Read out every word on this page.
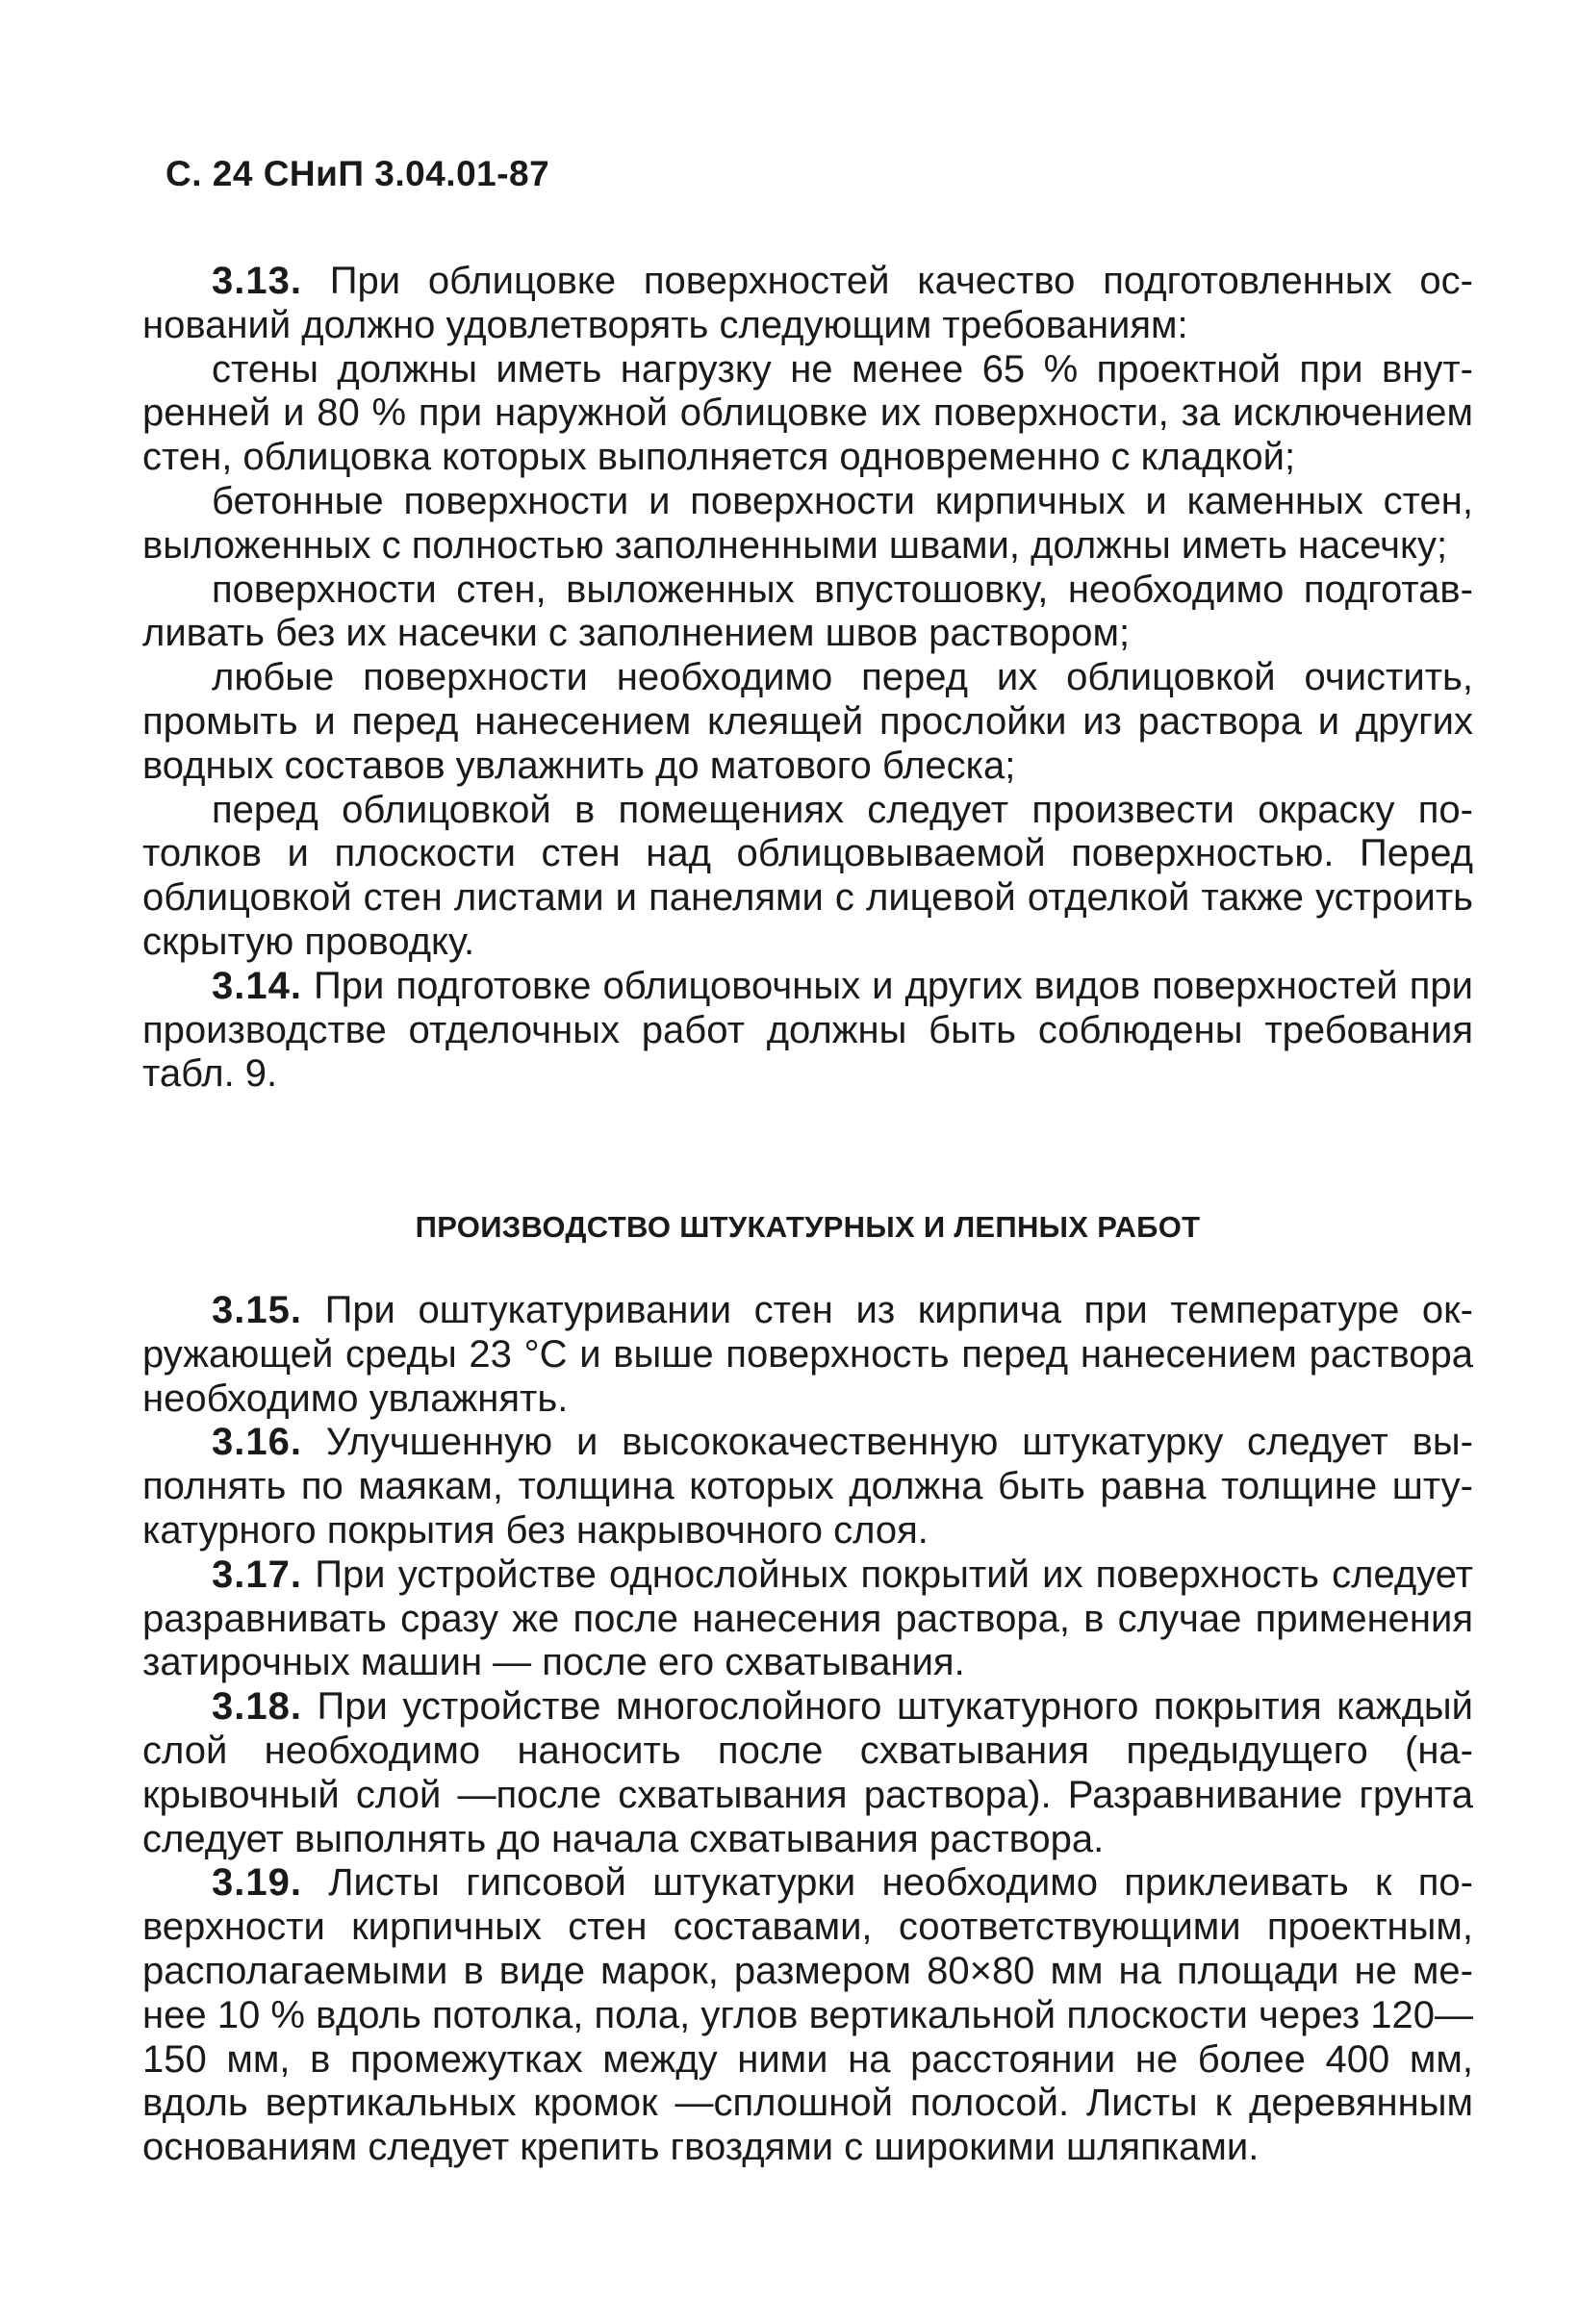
С. 24 СНиП 3.04.01-87

3.13. При облицовке поверхностей качество подготовленных оснований должно удовлетворять следующим требованиям:

стены должны иметь нагрузку не менее 65 % проектной при внутренней и 80 % при наружной облицовке их поверхности, за исключением стен, облицовка которых выполняется одновременно с кладкой;

бетонные поверхности и поверхности кирпичных и каменных стен, выложенных с полностью заполненными швами, должны иметь насечку;

поверхности стен, выложенных впустошовку, необходимо подготавливать без их насечки с заполнением швов раствором;

любые поверхности необходимо перед их облицовкой очистить, промыть и перед нанесением клеящей прослойки из раствора и других водных составов увлажнить до матового блеска;

перед облицовкой в помещениях следует произвести окраску потолков и плоскости стен над облицовываемой поверхностью. Перед облицовкой стен листами и панелями с лицевой отделкой также устроить скрытую проводку.

3.14. При подготовке облицовочных и других видов поверхностей при производстве отделочных работ должны быть соблюдены требования табл. 9.

ПРОИЗВОДСТВО ШТУКАТУРНЫХ И ЛЕПНЫХ РАБОТ

3.15. При оштукатуривании стен из кирпича при температуре окружающей среды 23 °С и выше поверхность перед нанесением раствора необходимо увлажнять.

3.16. Улучшенную и высококачественную штукатурку следует выполнять по маякам, толщина которых должна быть равна толщине штукатурного покрытия без накрывочного слоя.

3.17. При устройстве однослойных покрытий их поверхность следует разравнивать сразу же после нанесения раствора, в случае применения затирочных машин — после его схватывания.

3.18. При устройстве многослойного штукатурного покрытия каждый слой необходимо наносить после схватывания предыдущего (накрывочный слой —после схватывания раствора). Разравнивание грунта следует выполнять до начала схватывания раствора.

3.19. Листы гипсовой штукатурки необходимо приклеивать к поверхности кирпичных стен составами, соответствующими проектным, располагаемыми в виде марок, размером 80×80 мм на площади не менее 10 % вдоль потолка, пола, углов вертикальной плоскости через 120—150 мм, в промежутках между ними на расстоянии не более 400 мм, вдоль вертикальных кромок —сплошной полосой. Листы к деревянным основаниям следует крепить гвоздями с широкими шляпками.
